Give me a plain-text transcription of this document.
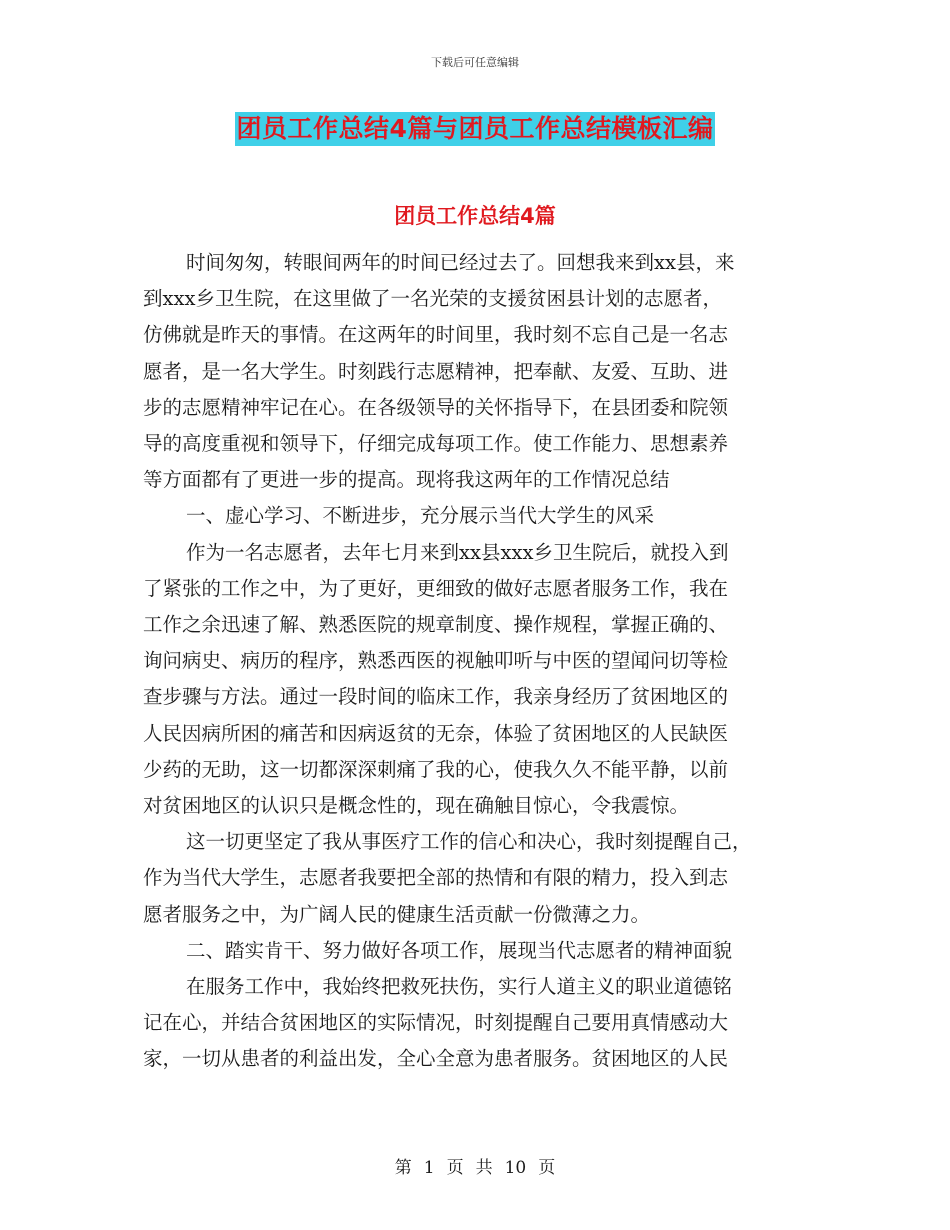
下载后可任意编辑
团员工作总结4篇与团员工作总结模板汇编
团员工作总结4篇
时间匆匆，转眼间两年的时间已经过去了。回想我来到xx县，来
到xxx乡卫生院，在这里做了一名光荣的支援贫困县计划的志愿者，
仿佛就是昨天的事情。在这两年的时间里，我时刻不忘自己是一名志
愿者，是一名大学生。时刻践行志愿精神，把奉献、友爱、互助、进
步的志愿精神牢记在心。在各级领导的关怀指导下，在县团委和院领
导的高度重视和领导下，仔细完成每项工作。使工作能力、思想素养
等方面都有了更进一步的提高。现将我这两年的工作情况总结
一、虚心学习、不断进步，充分展示当代大学生的风采
作为一名志愿者，去年七月来到xx县xxx乡卫生院后，就投入到
了紧张的工作之中，为了更好，更细致的做好志愿者服务工作，我在
工作之余迅速了解、熟悉医院的规章制度、操作规程，掌握正确的、
询问病史、病历的程序，熟悉西医的视触叩听与中医的望闻问切等检
查步骤与方法。通过一段时间的临床工作，我亲身经历了贫困地区的
人民因病所困的痛苦和因病返贫的无奈，体验了贫困地区的人民缺医
少药的无助，这一切都深深刺痛了我的心，使我久久不能平静，以前
对贫困地区的认识只是概念性的，现在确触目惊心，令我震惊。
这一切更坚定了我从事医疗工作的信心和决心，我时刻提醒自己，
作为当代大学生，志愿者我要把全部的热情和有限的精力，投入到志
愿者服务之中，为广阔人民的健康生活贡献一份微薄之力。
二、踏实肯干、努力做好各项工作，展现当代志愿者的精神面貌
在服务工作中，我始终把救死扶伤，实行人道主义的职业道德铭
记在心，并结合贫困地区的实际情况，时刻提醒自己要用真情感动大
家，一切从患者的利益出发，全心全意为患者服务。贫困地区的人民
第 1 页 共 10 页
